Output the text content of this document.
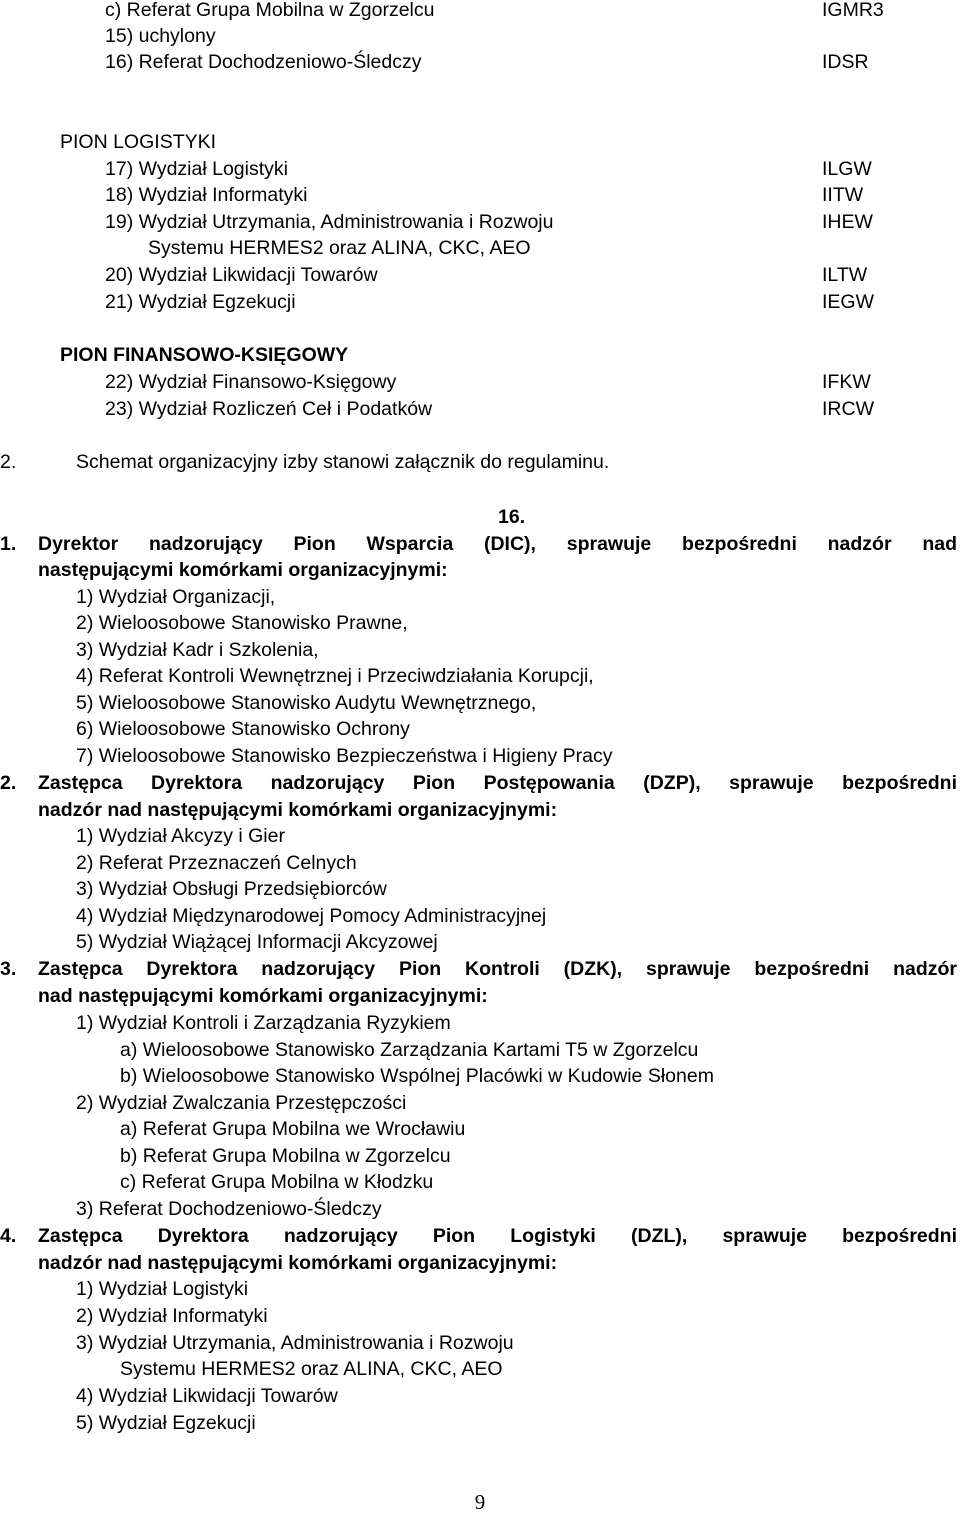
c) Referat Grupa Mobilna w Zgorzelcu	IGMR3
15) uchylony
16) Referat Dochodzeniowo-Śledczy	IDSR
PION LOGISTYKI
17) Wydział Logistyki	ILGW
18) Wydział Informatyki	IITW
19) Wydział Utrzymania, Administrowania i Rozwoju	IHEW
Systemu HERMES2 oraz ALINA, CKC, AEO
20) Wydział Likwidacji Towarów	ILTW
21) Wydział Egzekucji	IEGW
PION FINANSOWO-KSIĘGOWY
22) Wydział Finansowo-Księgowy	IFKW
23) Wydział Rozliczeń Ceł i Podatków	IRCW
2.	Schemat organizacyjny izby stanowi załącznik do regulaminu.
16.
1. Dyrektor nadzorujący Pion Wsparcia (DIC), sprawuje bezpośredni nadzór nad
następującymi komórkami organizacyjnymi:
1) Wydział Organizacji,
2) Wieloosobowe Stanowisko Prawne,
3) Wydział Kadr i Szkolenia,
4) Referat Kontroli Wewnętrznej i Przeciwdziałania Korupcji,
5) Wieloosobowe Stanowisko Audytu Wewnętrznego,
6) Wieloosobowe Stanowisko Ochrony
7) Wieloosobowe Stanowisko Bezpieczeństwa i Higieny Pracy
2. Zastępca Dyrektora nadzorujący Pion Postępowania (DZP), sprawuje bezpośredni
nadzór nad następującymi komórkami organizacyjnymi:
1) Wydział Akcyzy i Gier
2) Referat Przeznaczeń Celnych
3) Wydział Obsługi Przedsiębiorców
4) Wydział Międzynarodowej Pomocy Administracyjnej
5) Wydział Wiążącej Informacji Akcyzowej
3. Zastępca Dyrektora nadzorujący Pion Kontroli (DZK), sprawuje bezpośredni nadzór
nad następującymi komórkami organizacyjnymi:
1) Wydział Kontroli i Zarządzania Ryzykiem
a) Wieloosobowe Stanowisko Zarządzania Kartami T5 w Zgorzelcu
b) Wieloosobowe Stanowisko Wspólnej Placówki w Kudowie Słonem
2) Wydział Zwalczania Przestępczości
a) Referat Grupa Mobilna we Wrocławiu
b) Referat Grupa Mobilna w Zgorzelcu
c) Referat Grupa Mobilna w Kłodzku
3) Referat Dochodzeniowo-Śledczy
4. Zastępca Dyrektora nadzorujący Pion Logistyki (DZL), sprawuje bezpośredni
nadzór nad następującymi komórkami organizacyjnymi:
1) Wydział Logistyki
2) Wydział Informatyki
3) Wydział Utrzymania, Administrowania i Rozwoju
Systemu HERMES2 oraz ALINA, CKC, AEO
4) Wydział Likwidacji Towarów
5) Wydział Egzekucji
9
